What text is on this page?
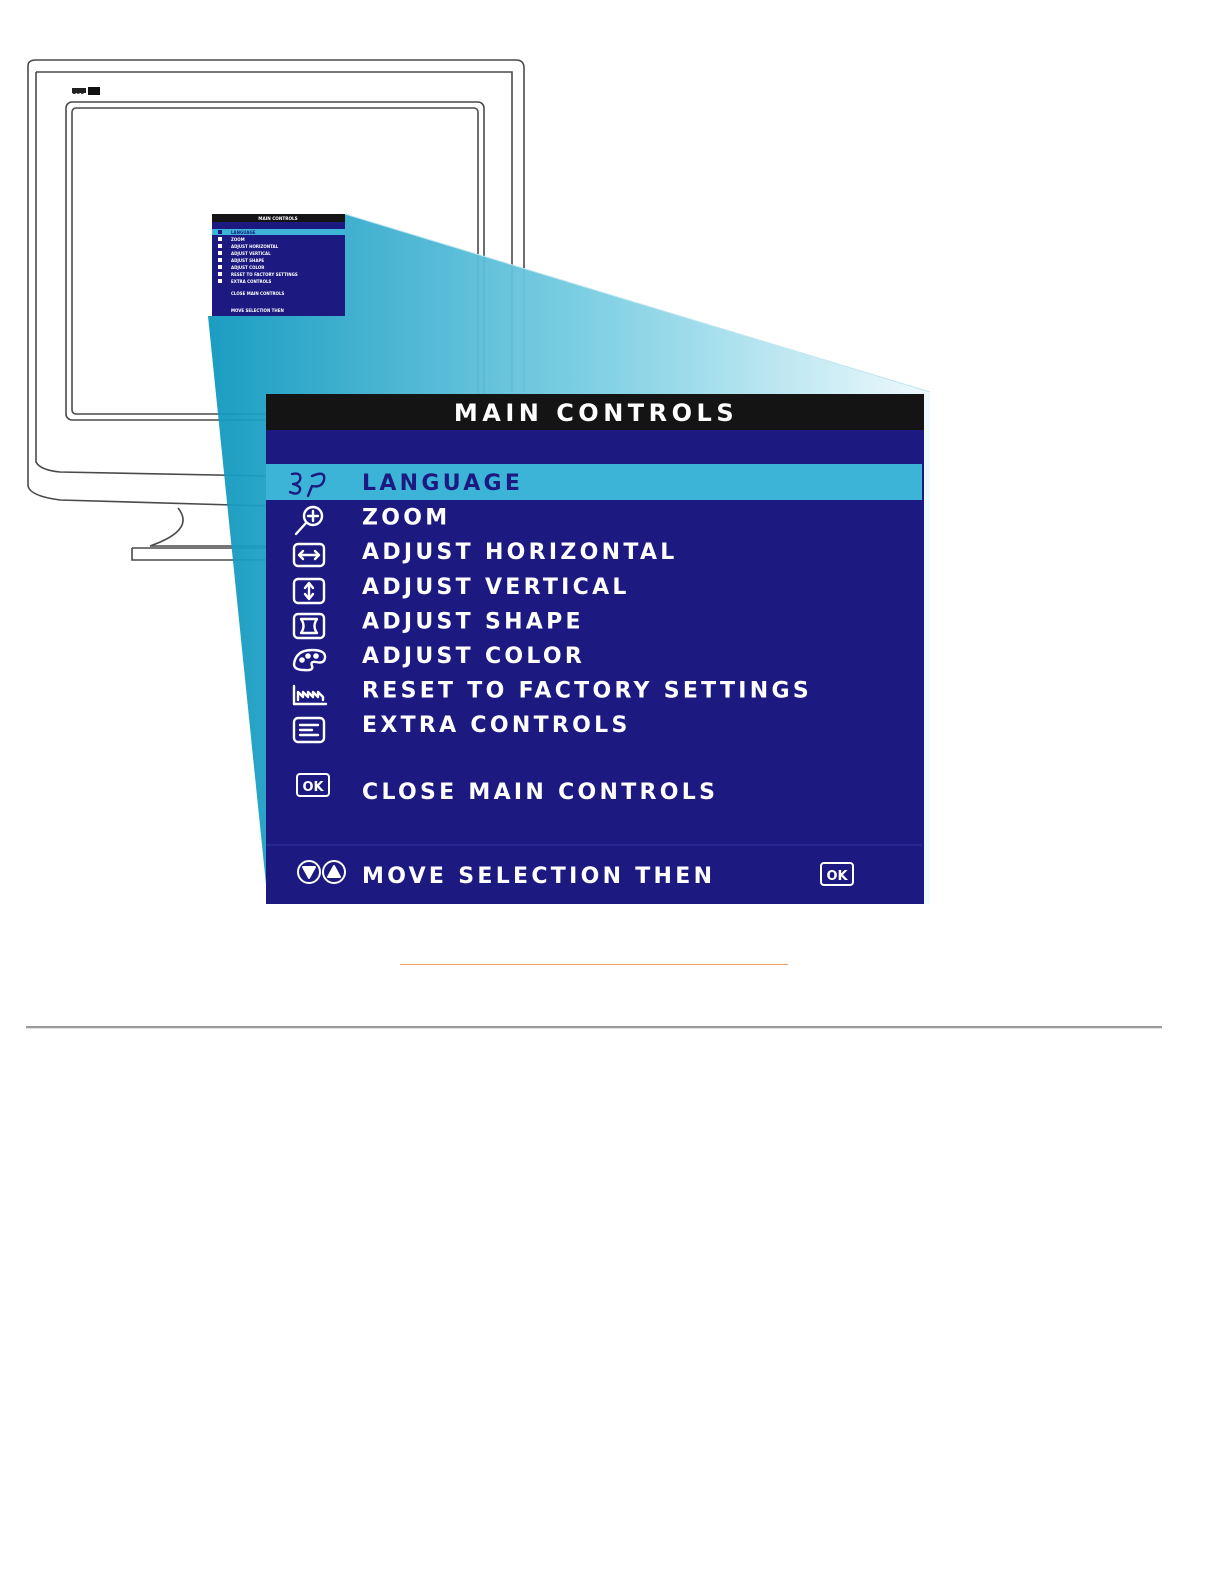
109
MAIN CONTROLS
LANGUAGE
ZOOM
ADJUST HORIZONTAL
ADJUST VERTICAL
ADJUST SHAPE
ADJUST COLOR
RESET TO FACTORY SETTINGS
EXTRA CONTROLS
CLOSE MAIN CONTROLS
MOVE SELECTION THEN
MAIN CONTROLS
OK
OK
LANGUAGE
ZOOM
ADJUST HORIZONTAL
ADJUST VERTICAL
ADJUST SHAPE
ADJUST COLOR
RESET TO FACTORY SETTINGS
EXTRA CONTROLS
CLOSE MAIN CONTROLS
MOVE SELECTION THEN
